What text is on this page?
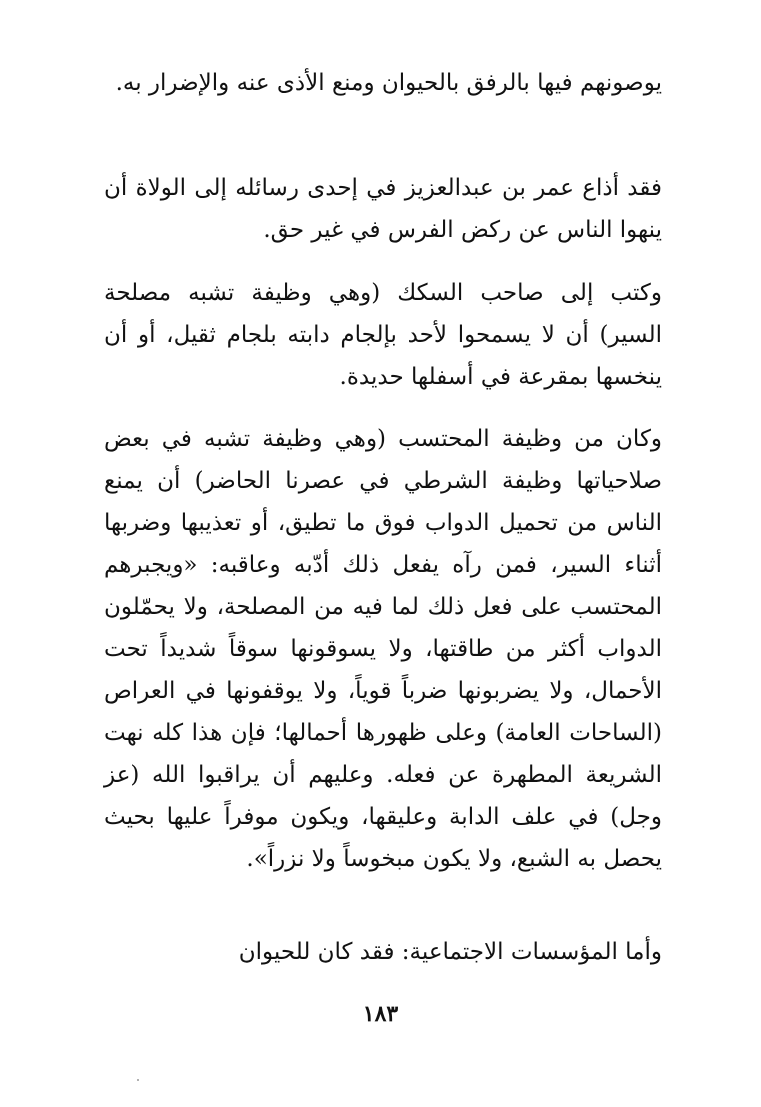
يوصونهم فيها بالرفق بالحيوان ومنع الأذى عنه والإضرار به.

فقد أذاع عمر بن عبدالعزيز في إحدى رسائله إلى الولاة أن ينهوا الناس عن ركض الفرس في غير حق.

وكتب إلى صاحب السكك (وهي وظيفة تشبه مصلحة السير) أن لا يسمحوا لأحد بإلجام دابته بلجام ثقيل، أو أن ينخسها بمقرعة في أسفلها حديدة.

وكان من وظيفة المحتسب (وهي وظيفة تشبه في بعض صلاحياتها وظيفة الشرطي في عصرنا الحاضر) أن يمنع الناس من تحميل الدواب فوق ما تطيق، أو تعذيبها وضربها أثناء السير، فمن رآه يفعل ذلك أدّبه وعاقبه: «ويجبرهم المحتسب على فعل ذلك لما فيه من المصلحة، ولا يحمّلون الدواب أكثر من طاقتها، ولا يسوقونها سوقاً شديداً تحت الأحمال، ولا يضربونها ضرباً قوياً، ولا يوقفونها في العراص (الساحات العامة) وعلى ظهورها أحمالها؛ فإن هذا كله نهت الشريعة المطهرة عن فعله. وعليهم أن يراقبوا الله (عز وجل) في علف الدابة وعليقها، ويكون موفراً عليها بحيث يحصل به الشبع، ولا يكون مبخوساً ولا نزراً».

وأما المؤسسات الاجتماعية: فقد كان للحيوان

١٨٣
